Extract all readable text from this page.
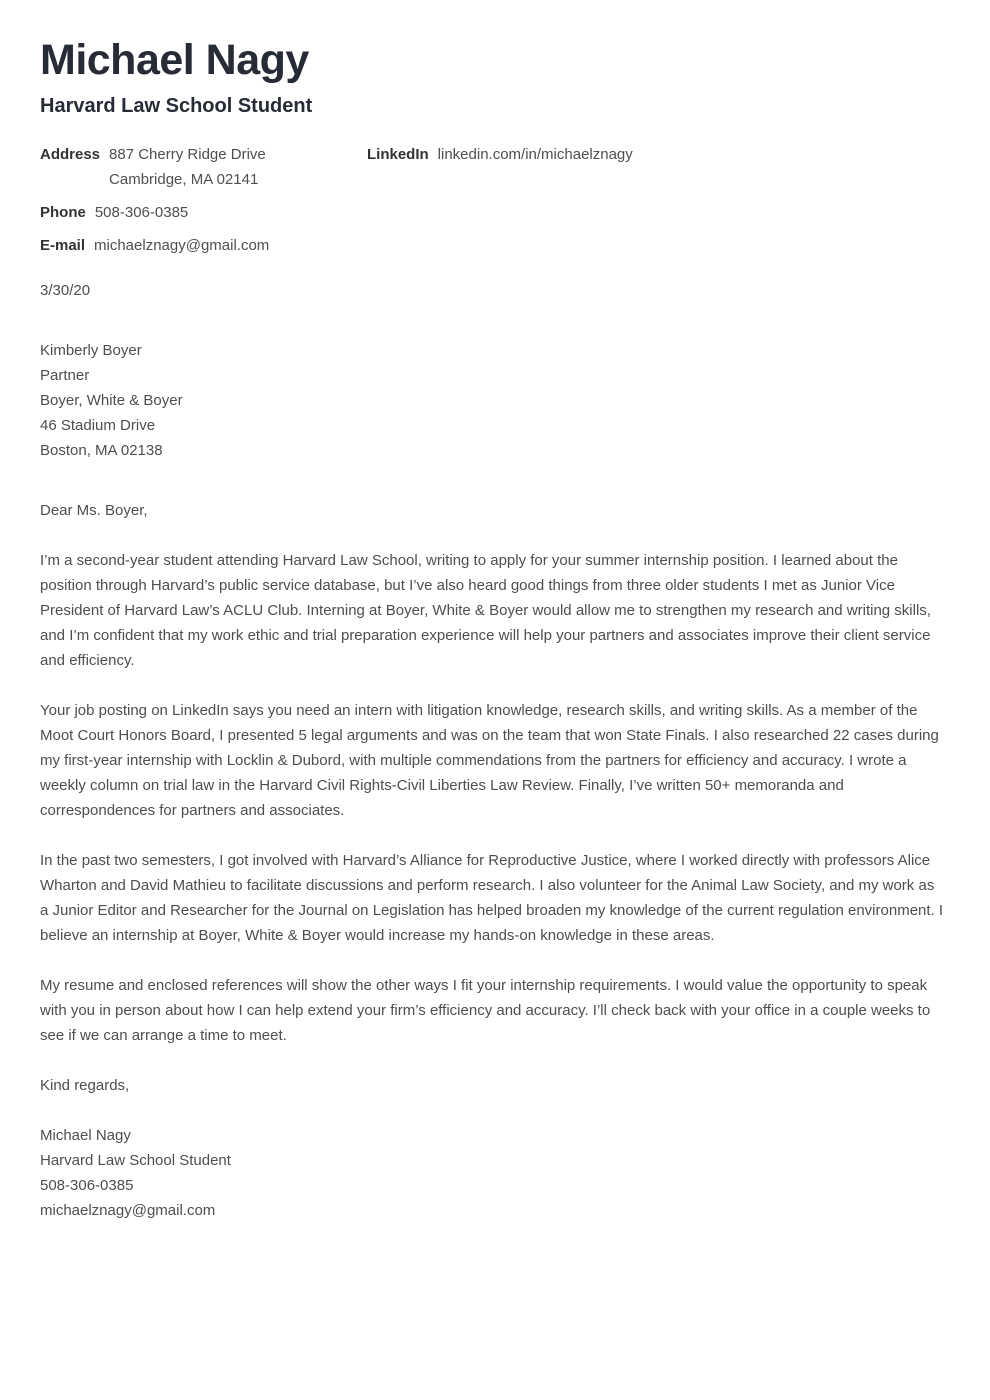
Michael Nagy
Harvard Law School Student
Address 887 Cherry Ridge Drive
Cambridge, MA 02141
Phone 508-306-0385
E-mail michaelznagy@gmail.com
LinkedIn linkedin.com/in/michaelznagy
3/30/20
Kimberly Boyer
Partner
Boyer, White & Boyer
46 Stadium Drive
Boston, MA 02138
Dear Ms. Boyer,

I’m a second-year student attending Harvard Law School, writing to apply for your summer internship position. I learned about the position through Harvard’s public service database, but I’ve also heard good things from three older students I met as Junior Vice President of Harvard Law’s ACLU Club. Interning at Boyer, White & Boyer would allow me to strengthen my research and writing skills, and I’m confident that my work ethic and trial preparation experience will help your partners and associates improve their client service and efficiency.

Your job posting on LinkedIn says you need an intern with litigation knowledge, research skills, and writing skills. As a member of the Moot Court Honors Board, I presented 5 legal arguments and was on the team that won State Finals. I also researched 22 cases during my first-year internship with Locklin & Dubord, with multiple commendations from the partners for efficiency and accuracy. I wrote a weekly column on trial law in the Harvard Civil Rights-Civil Liberties Law Review. Finally, I’ve written 50+ memoranda and correspondences for partners and associates.

In the past two semesters, I got involved with Harvard’s Alliance for Reproductive Justice, where I worked directly with professors Alice Wharton and David Mathieu to facilitate discussions and perform research. I also volunteer for the Animal Law Society, and my work as a Junior Editor and Researcher for the Journal on Legislation has helped broaden my knowledge of the current regulation environment. I believe an internship at Boyer, White & Boyer would increase my hands-on knowledge in these areas.

My resume and enclosed references will show the other ways I fit your internship requirements. I would value the opportunity to speak with you in person about how I can help extend your firm’s efficiency and accuracy. I’ll check back with your office in a couple weeks to see if we can arrange a time to meet.

Kind regards,
Michael Nagy
Harvard Law School Student
508-306-0385
michaelznagy@gmail.com
